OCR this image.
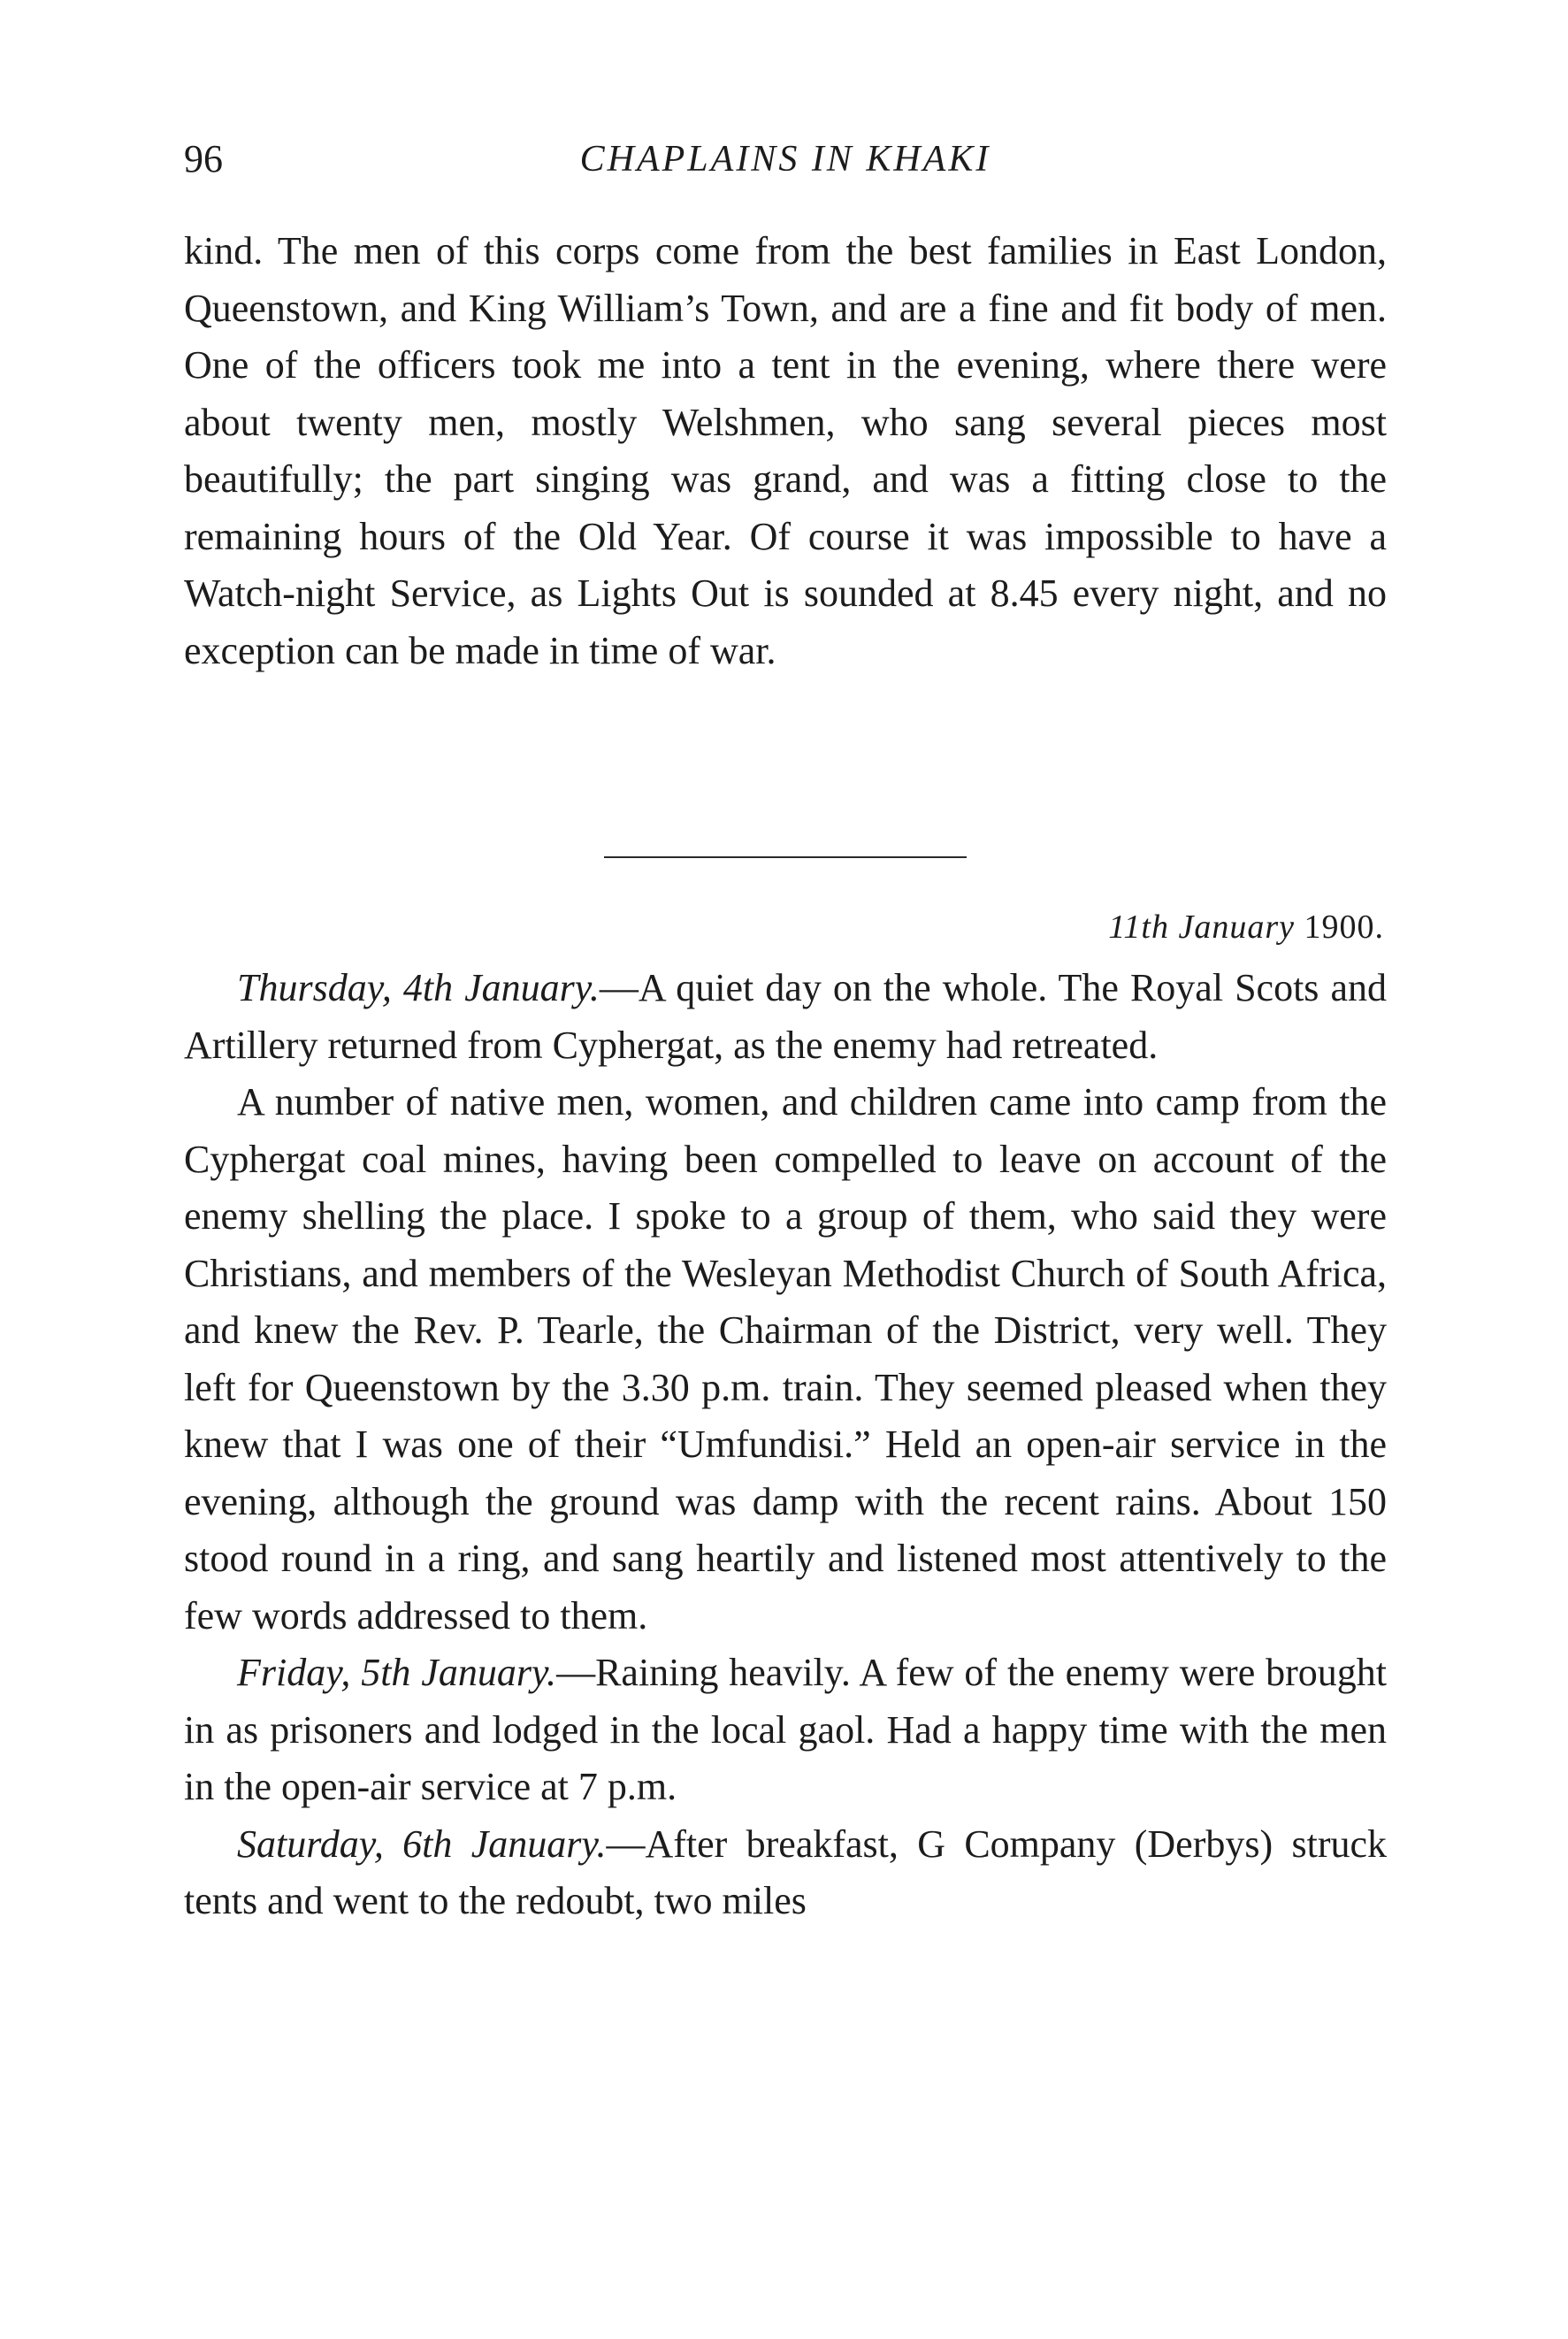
96	CHAPLAINS IN KHAKI

kind. The men of this corps come from the best families in East London, Queenstown, and King William’s Town, and are a fine and fit body of men. One of the officers took me into a tent in the evening, where there were about twenty men, mostly Welshmen, who sang several pieces most beautifully; the part singing was grand, and was a fitting close to the remaining hours of the Old Year. Of course it was impossible to have a Watch-night Service, as Lights Out is sounded at 8.45 every night, and no exception can be made in time of war.

11th January 1900.

Thursday, 4th January.—A quiet day on the whole. The Royal Scots and Artillery returned from Cyphergat, as the enemy had retreated.

A number of native men, women, and children came into camp from the Cyphergat coal mines, having been compelled to leave on account of the enemy shelling the place. I spoke to a group of them, who said they were Christians, and members of the Wesleyan Methodist Church of South Africa, and knew the Rev. P. Tearle, the Chairman of the District, very well. They left for Queenstown by the 3.30 p.m. train. They seemed pleased when they knew that I was one of their “Umfundisi.” Held an open-air service in the evening, although the ground was damp with the recent rains. About 150 stood round in a ring, and sang heartily and listened most attentively to the few words addressed to them.

Friday, 5th January.—Raining heavily. A few of the enemy were brought in as prisoners and lodged in the local gaol. Had a happy time with the men in the open-air service at 7 p.m.

Saturday, 6th January.—After breakfast, G Company (Derbys) struck tents and went to the redoubt, two miles
